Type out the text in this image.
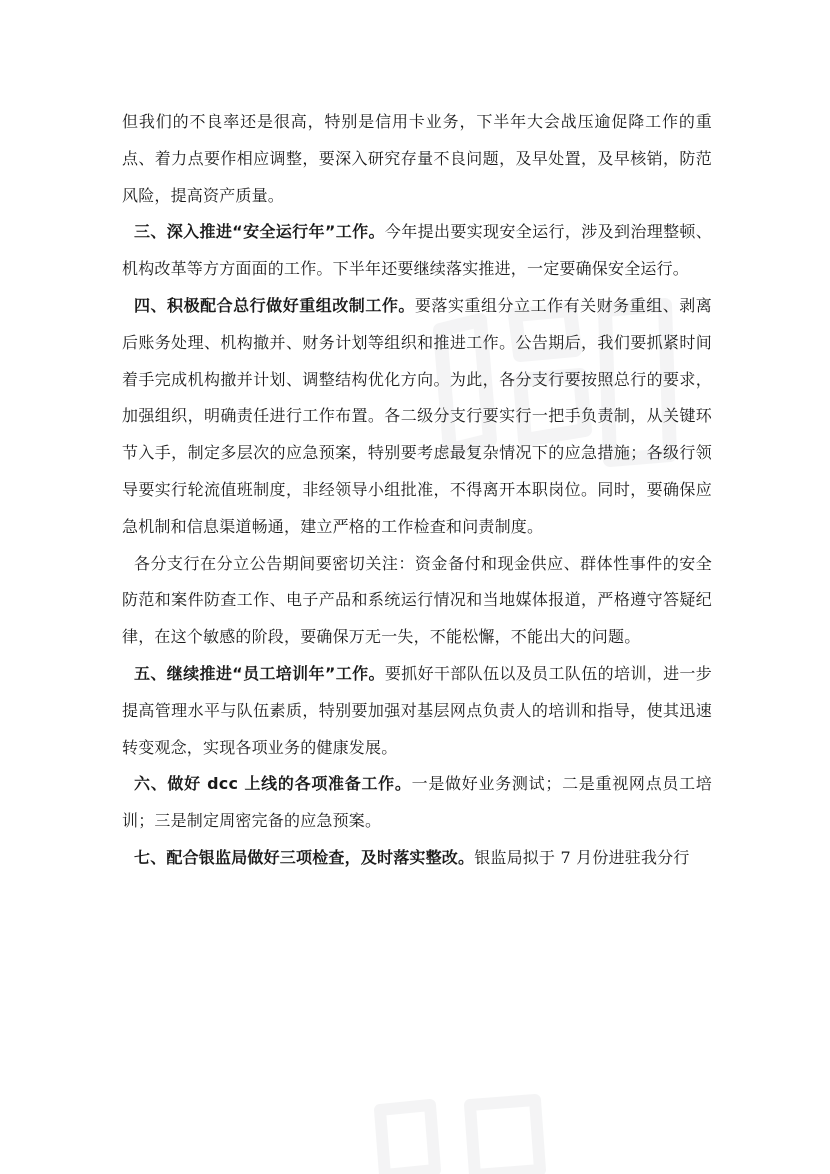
但我们的不良率还是很高，特别是信用卡业务，下半年大会战压逾促降工作的重点、着力点要作相应调整，要深入研究存量不良问题，及早处置，及早核销，防范风险，提高资产质量。

三、深入推进“安全运行年”工作。今年提出要实现安全运行，涉及到治理整顿、机构改革等方方面面的工作。下半年还要继续落实推进，一定要确保安全运行。

四、积极配合总行做好重组改制工作。要落实重组分立工作有关财务重组、剥离后账务处理、机构撤并、财务计划等组织和推进工作。公告期后，我们要抓紧时间着手完成机构撤并计划、调整结构优化方向。为此，各分支行要按照总行的要求，加强组织，明确责任进行工作布置。各二级分支行要实行一把手负责制，从关键环节入手，制定多层次的应急预案，特别要考虑最复杂情况下的应急措施；各级行领导要实行轮流值班制度，非经领导小组批准，不得离开本职岗位。同时，要确保应急机制和信息渠道畅通，建立严格的工作检查和问责制度。

各分支行在分立公告期间要密切关注：资金备付和现金供应、群体性事件的安全防范和案件防查工作、电子产品和系统运行情况和当地媒体报道，严格遵守答疑纪律，在这个敏感的阶段，要确保万无一失，不能松懈，不能出大的问题。

五、继续推进“员工培训年”工作。要抓好干部队伍以及员工队伍的培训，进一步提高管理水平与队伍素质，特别要加强对基层网点负责人的培训和指导，使其迅速转变观念，实现各项业务的健康发展。

六、做好 dcc 上线的各项准备工作。一是做好业务测试；二是重视网点员工培训；三是制定周密完备的应急预案。

七、配合银监局做好三项检查，及时落实整改。银监局拟于 7 月份进驻我分行
